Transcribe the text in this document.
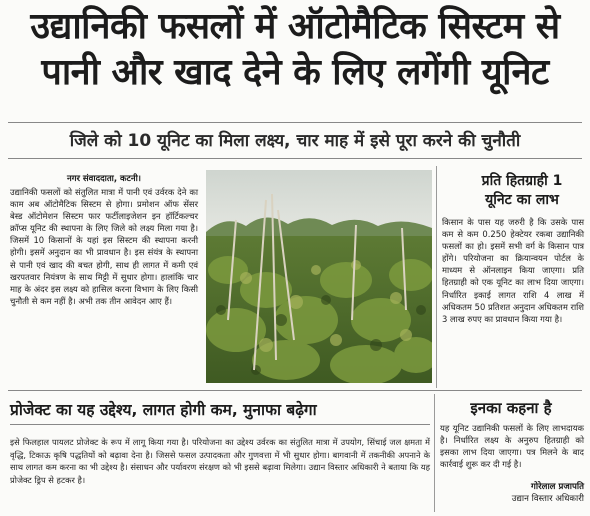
उद्यानिकी फसलों में ऑटोमैटिक सिस्टम से
पानी और खाद देने के लिए लगेंगी यूनिट
जिले को 10 यूनिट का मिला लक्ष्य, चार माह में इसे पूरा करने की चुनौती
नगर संवाददाता, कटनी।
उद्यानिकी फसलों को संतुलित मात्रा में पानी एवं उर्वरक देने का काम अब ऑटोमैटिक सिस्टम से होगा। प्रमोशन ऑफ सेंसर बेस्ड ऑटोमेशन सिस्टम फार फर्टीलाइजेशन इन हॉर्टिकल्चर क्रॉप्स यूनिट की स्थापना के लिए जिले को लक्ष्य मिला गया है। जिसमें 10 किसानों के यहां इस सिस्टम की स्थापना करनी होगी। इसमें अनुदान का भी प्रावधान है। इस संयंत्र के स्थापना से पानी एवं खाद की बचत होगी, साथ ही लागत में कमी एवं खरपतवार नियंत्रण के साथ मिट्टी में सुधार होगा। हालांकि चार माह के अंदर इस लक्ष्य को हासिल करना विभाग के लिए किसी चुनौती से कम नहीं है। अभी तक तीन आवेदन आए हैं।
प्रति हितग्राही 1 यूनिट का लाभ
किसान के पास यह जरुरी है कि उसके पास कम से कम 0.250 हेक्टेयर रकबा उद्यानिकी फसलों का हो। इसमें सभी वर्ग के किसान पात्र होंगे। परियोजना का क्रियान्वयन पोर्टल के माध्यम से ऑनलाइन किया जाएगा। प्रति हितग्राही को एक यूनिट का लाभ दिया जाएगा। निर्धारित इकाई लागत राशि 4 लाख में अधिकतम 50 प्रतिशत अनुदान अधिकतम राशि 3 लाख रुपए का प्रावधान किया गया है।
प्रोजेक्ट का यह उद्देश्य, लागत होगी कम, मुनाफा बढ़ेगा
इसे फिलहाल पायलट प्रोजेक्ट के रूप में लागू किया गया है। परियोजना का उद्देश्य उर्वरक का संतुलित मात्रा में उपयोग, सिंचाई जल क्षमता में वृद्धि, टिकाऊ कृषि पद्धतियों को बढ़ावा देना है। जिससे फसल उत्पादकता और गुणवत्ता में भी सुधार होगा। बागवानी में तकनीकी अपनाने के साथ लागत कम करना का भी उद्देश्य है। संसाधन और पर्यावरण संरक्षण को भी इससे बढ़ावा मिलेगा। उद्यान विस्तार अधिकारी ने बताया कि यह प्रोजेक्ट ड्रिप से हटकर है।
इनका कहना है
यह यूनिट उद्यानिकी फसलों के लिए लाभदायक है। निर्धारित लक्ष्य के अनुरुप हितग्राही को इसका लाभ दिया जाएगा। पत्र मिलने के बाद कार्रवाई शुरू कर दी गई है।
गोरेलाल प्रजापति
उद्यान विस्तार अधिकारी
